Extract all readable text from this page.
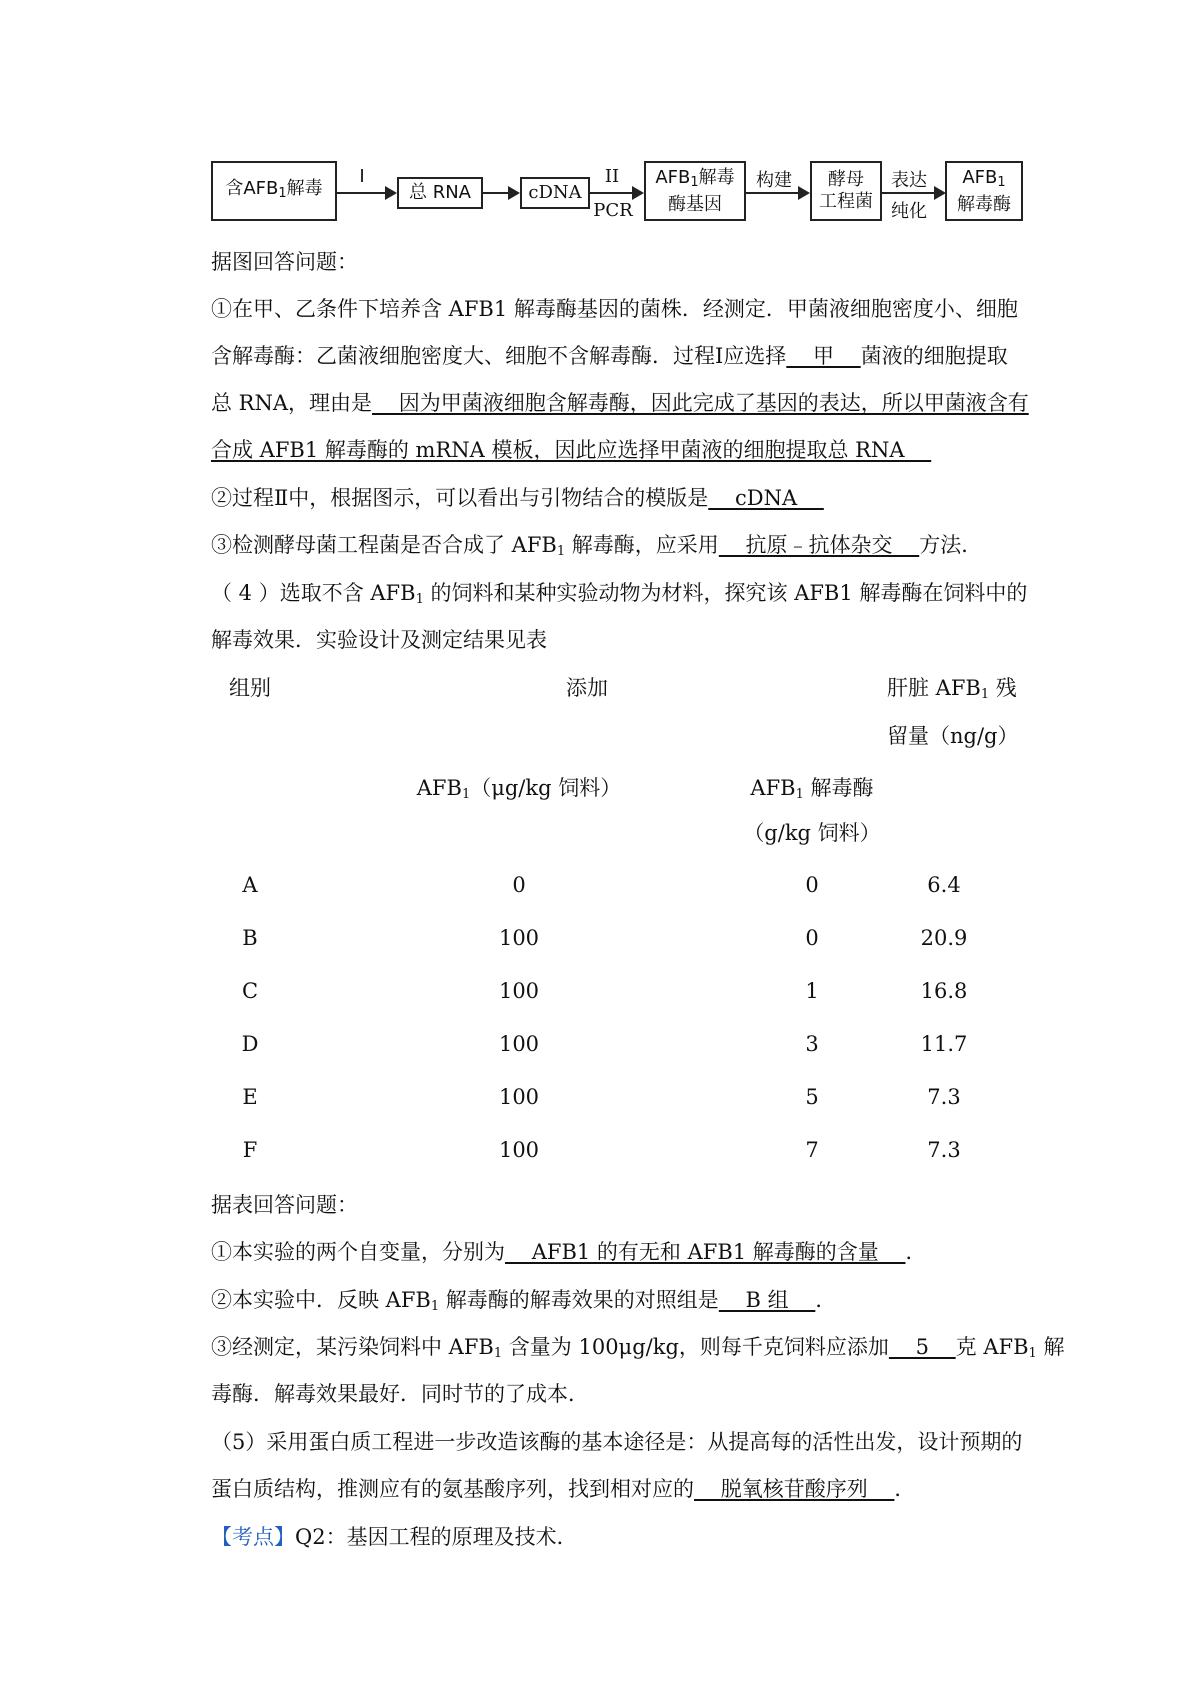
含$AFB_1$解毒
I
总 RNA	cDNA
II
PCR
$AFB_1$解毒
酶基因
构建 酵母
工程菌
表达
纯化
$AFB_1$
解毒酶
据图回答问题：
①在甲、乙条件下培养含 AFB1 解毒酶基因的菌株．经测定．甲菌液细胞密度小、细胞
含解毒酶：乙菌液细胞密度大、细胞不含解毒酶．过程Ⅰ应选择    甲    菌液的细胞提取
总 RNA，理由是    因为甲菌液细胞含解毒酶，因此完成了基因的表达，所以甲菌液含有
合成 AFB1 解毒酶的 mRNA 模板，因此应选择甲菌液的细胞提取总 RNA
②过程Ⅱ中，根据图示，可以看出与引物结合的模版是    cDNA
③检测酵母菌工程菌是否合成了 $AFB_1$ 解毒酶，应采用    抗原﹣抗体杂交    方法．
（ 4 ）选取不含 $AFB_1$ 的饲料和某种实验动物为材料，探究该 AFB1 解毒酶在饲料中的
解毒效果．实验设计及测定结果见表
组别	添加	肝脏 $AFB_1$ 残
留量（ng/g）
$AFB_1(\mu g/kg$ 饲料）	$AFB_1$ 解毒酶
（g/kg 饲料）
A	0	0	6.4
B	100	0	20.9
C	100	1	16.8
D	100	3	11.7
E	100	5	7.3
F	100	7	7.3
据表回答问题：
①本实验的两个自变量，分别为    AFB1 的有无和 AFB1 解毒酶的含量    ．
②本实验中．反映 $AFB_1$ 解毒酶的解毒效果的对照组是    B 组    ．
③经测定，某污染饲料中 $AFB_1$ 含量为 100μg/kg，则每千克饲料应添加    5    克 $AFB_1$ 解
毒酶．解毒效果最好．同时节的了成本．
（5）采用蛋白质工程进一步改造该酶的基本途径是：从提高每的活性出发，设计预期的
蛋白质结构，推测应有的氨基酸序列，找到相对应的    脱氧核苷酸序列    ．
【考点】Q2：基因工程的原理及技术．
